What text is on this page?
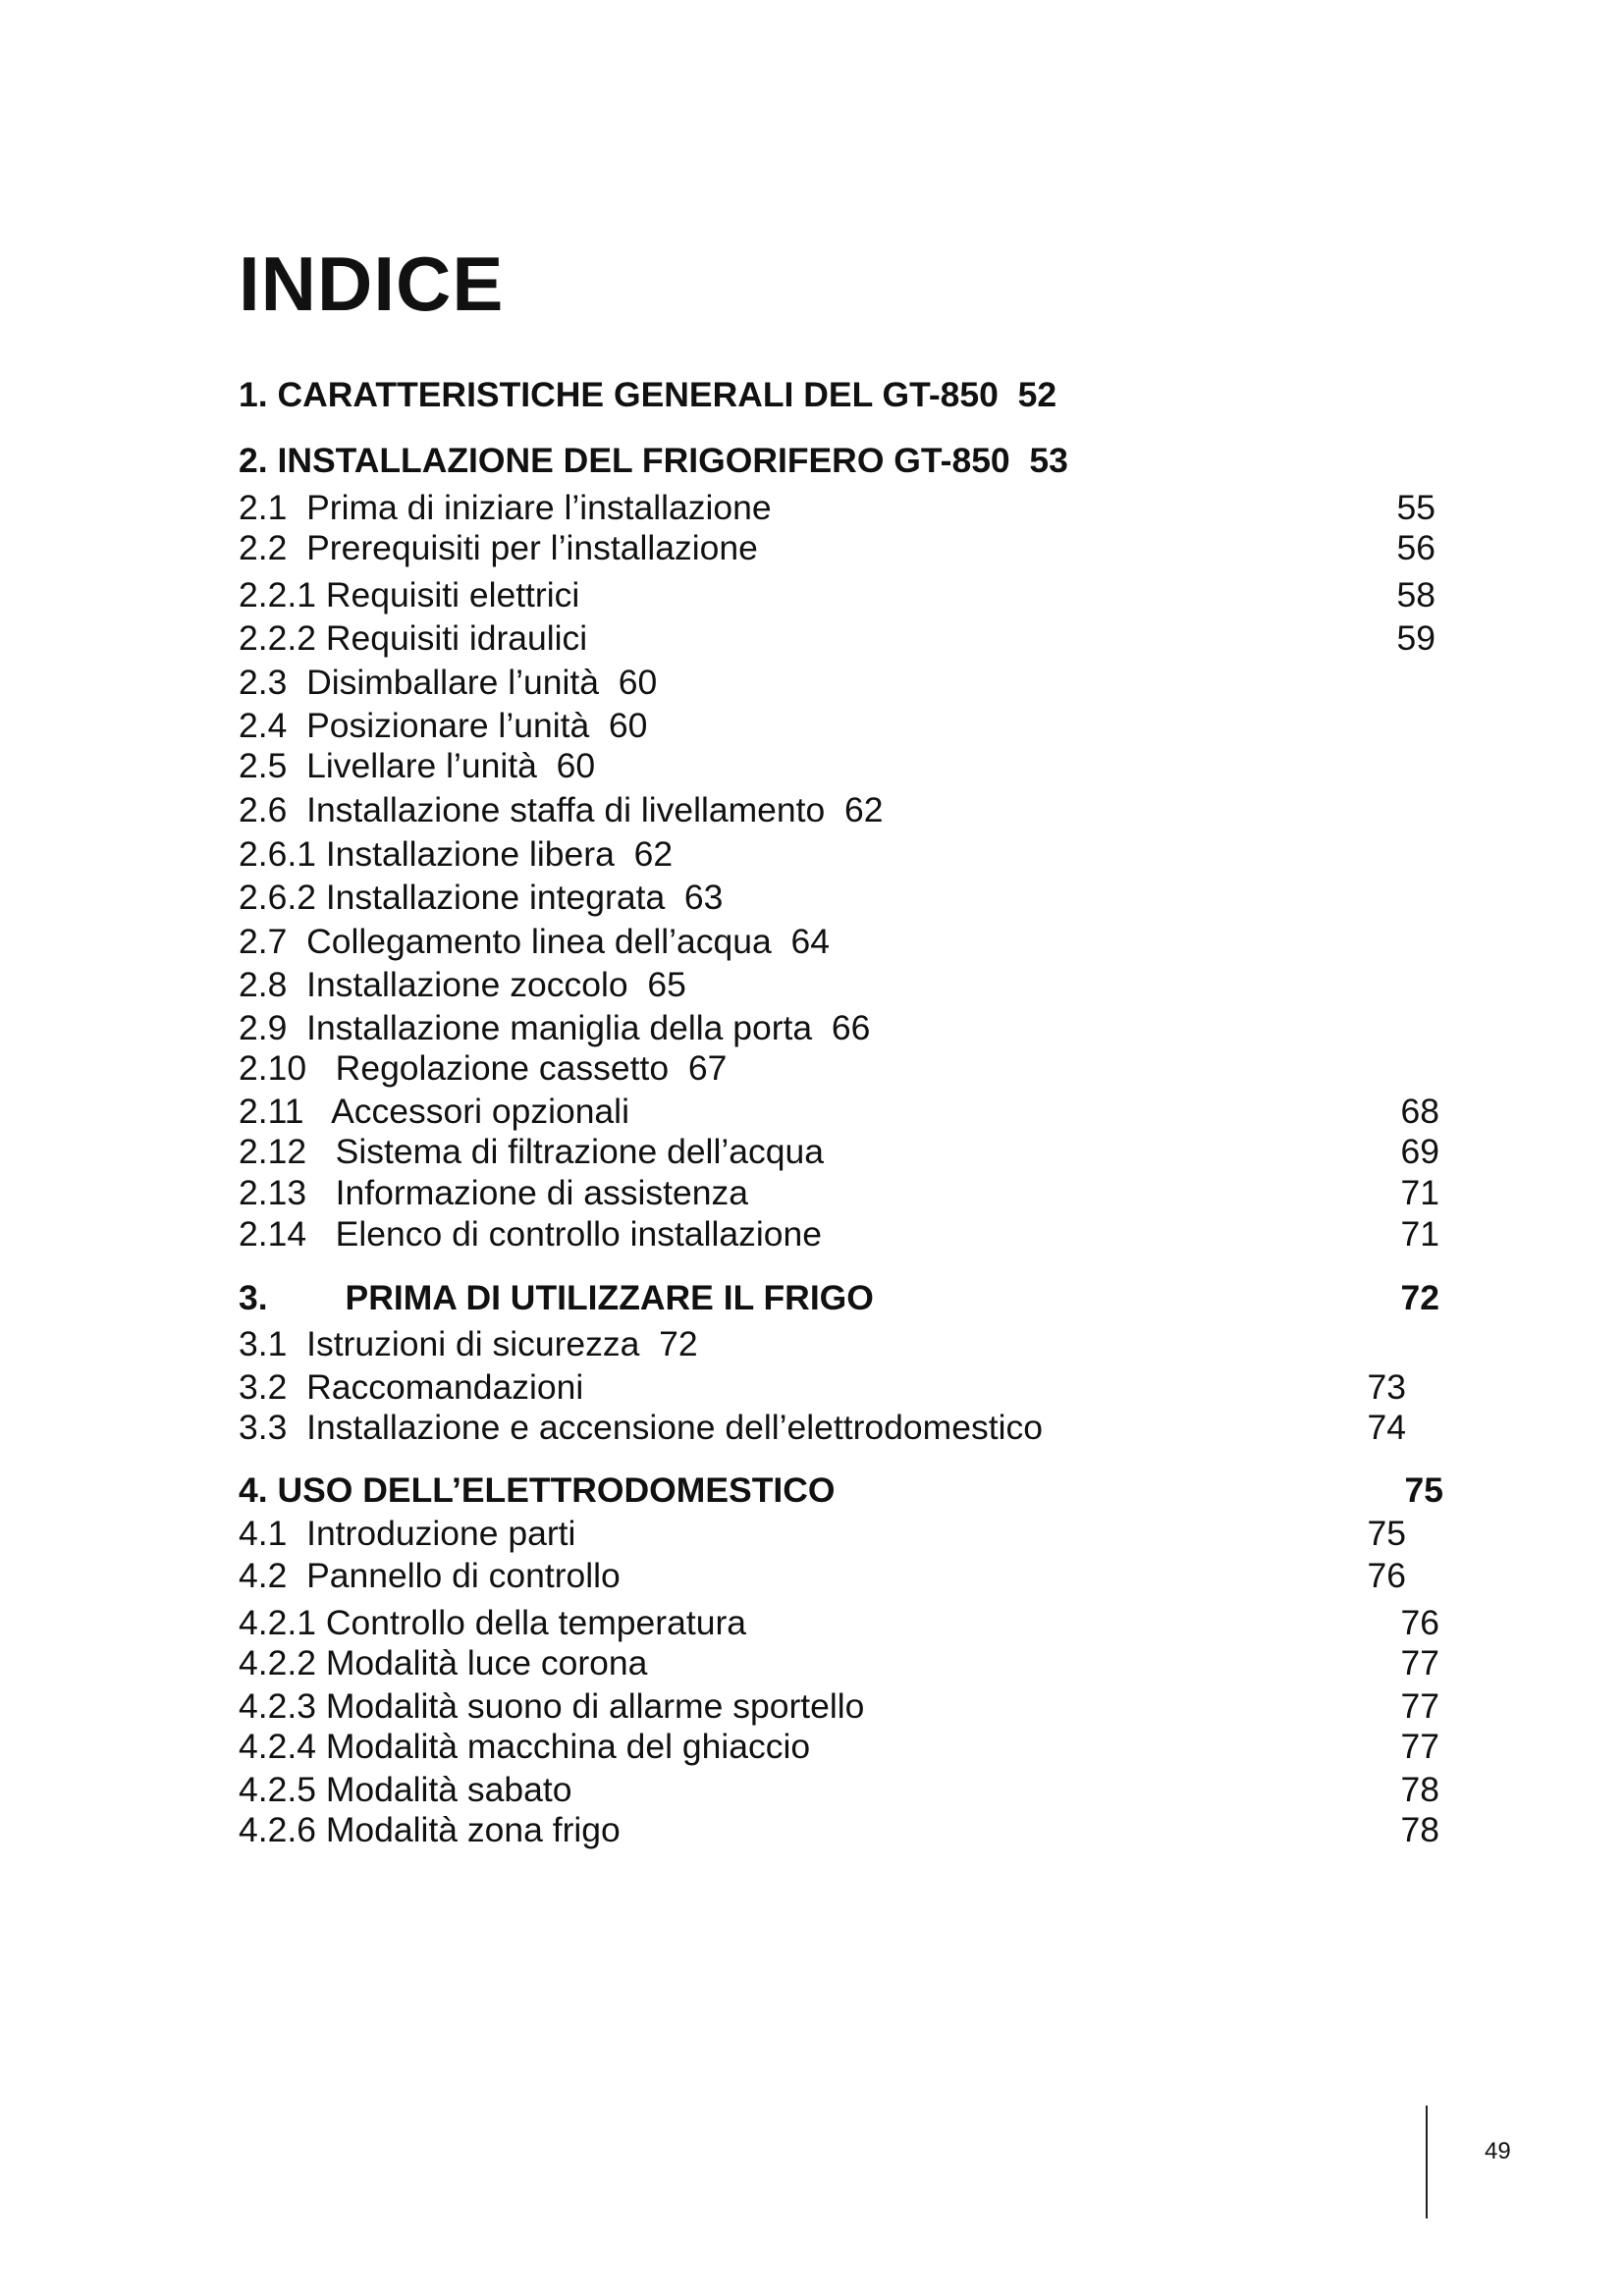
INDICE
1. CARATTERISTICHE GENERALI DEL GT-850  52
2. INSTALLAZIONE DEL FRIGORIFERO GT-850  53
2.1  Prima di iniziare l’installazione	55
2.2  Prerequisiti per l’installazione	56
2.2.1 Requisiti elettrici	58
2.2.2 Requisiti idraulici	59
2.3  Disimballare l’unità  60
2.4  Posizionare l’unità  60
2.5  Livellare l’unità  60
2.6  Installazione staffa di livellamento  62
2.6.1 Installazione libera  62
2.6.2 Installazione integrata  63
2.7  Collegamento linea dell’acqua  64
2.8  Installazione zoccolo  65
2.9  Installazione maniglia della porta  66
2.10   Regolazione cassetto  67
2.11   Accessori opzionali	68
2.12   Sistema di filtrazione dell’acqua	69
2.13   Informazione di assistenza	71
2.14   Elenco di controllo installazione	71
3.        PRIMA DI UTILIZZARE IL FRIGO	72
3.1  Istruzioni di sicurezza  72
3.2  Raccomandazioni	73
3.3  Installazione e accensione dell’elettrodomestico	74
4. USO DELL’ELETTRODOMESTICO	75
4.1  Introduzione parti	75
4.2  Pannello di controllo	76
4.2.1 Controllo della temperatura	76
4.2.2 Modalità luce corona	77
4.2.3 Modalità suono di allarme sportello	77
4.2.4 Modalità macchina del ghiaccio	77
4.2.5 Modalità sabato	78
4.2.6 Modalità zona frigo	78
49
